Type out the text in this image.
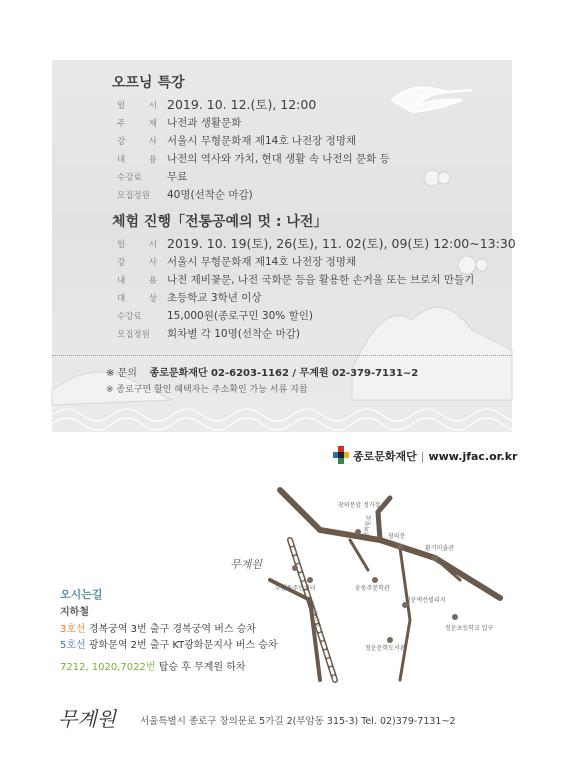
오프닝 특강
일 시 2019. 10. 12.(토), 12:00
주 제 나전과 생활문화
강 사 서울시 무형문화재 제14호 나전장 정명채
내 용 나전의 역사와 가치, 현대 생활 속 나전의 문화 등
수강료	무료
모집정원	40명(선착순 마감)
체험 진행「전통공예의 멋 : 나전」
일 시 2019. 10. 19(토), 26(토), 11. 02(토), 09(토) 12:00~13:30
강 사 서울시 무형문화재 제14호 나전장 정명채
내 용 나전 제비꽃문, 나전 국화문 등을 활용한 손거울 또는 브로치 만들기
대 상 초등학교 3학년 이상
수강료	15,000원(종로구민 30% 할인)
모집정원	회차별 각 10명(선착순 마감)
※ 문의 종로문화재단 02-6203-1162 / 무계원 02-379-7131~2
※ 종로구민 할인 혜택자는 주소확인 가능 서류 지참
종로문화재단 | www.jfac.or.kr
창의문앞 정거장
창의문
환기미술관
부암동주민센터	윤동주문학관
청운벽산빌리지
청운초등학교 입구
청운문학도서관
창의문로
자하문터널
무계원
오시는길
지하철
3호선 경복궁역 3번 출구 경복궁역 버스 승차
5호선 광화문역 2번 출구 KT광화문지사 버스 승차
7212, 1020,7022번 탑승 후 무계원 하차
무계원	서울특별시 종로구 창의문로 5가길 2(부암동 315-3) Tel. 02)379-7131~2
